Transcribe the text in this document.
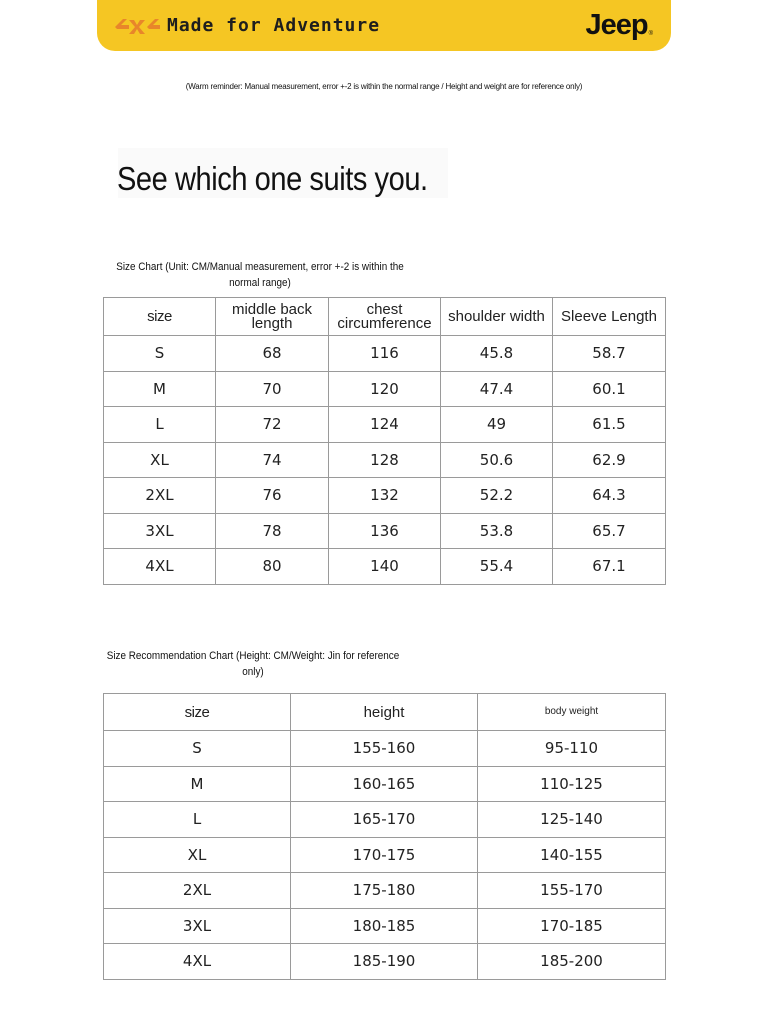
Made for Adventure	Jeep®
(Warm reminder: Manual measurement, error +-2 is within the normal range / Height and weight are for reference only)
See which one suits you.
Size Chart (Unit: CM/Manual measurement, error +-2 is within the
normal range)
size	middle back length	chest circumference	shoulder width	Sleeve Length
S	68	116	45.8	58.7
M	70	120	47.4	60.1
L	72	124	49	61.5
XL	74	128	50.6	62.9
2XL	76	132	52.2	64.3
3XL	78	136	53.8	65.7
4XL	80	140	55.4	67.1
Size Recommendation Chart (Height: CM/Weight: Jin for reference
only)
size	height	body weight
S	155-160	95-110
M	160-165	110-125
L	165-170	125-140
XL	170-175	140-155
2XL	175-180	155-170
3XL	180-185	170-185
4XL	185-190	185-200
